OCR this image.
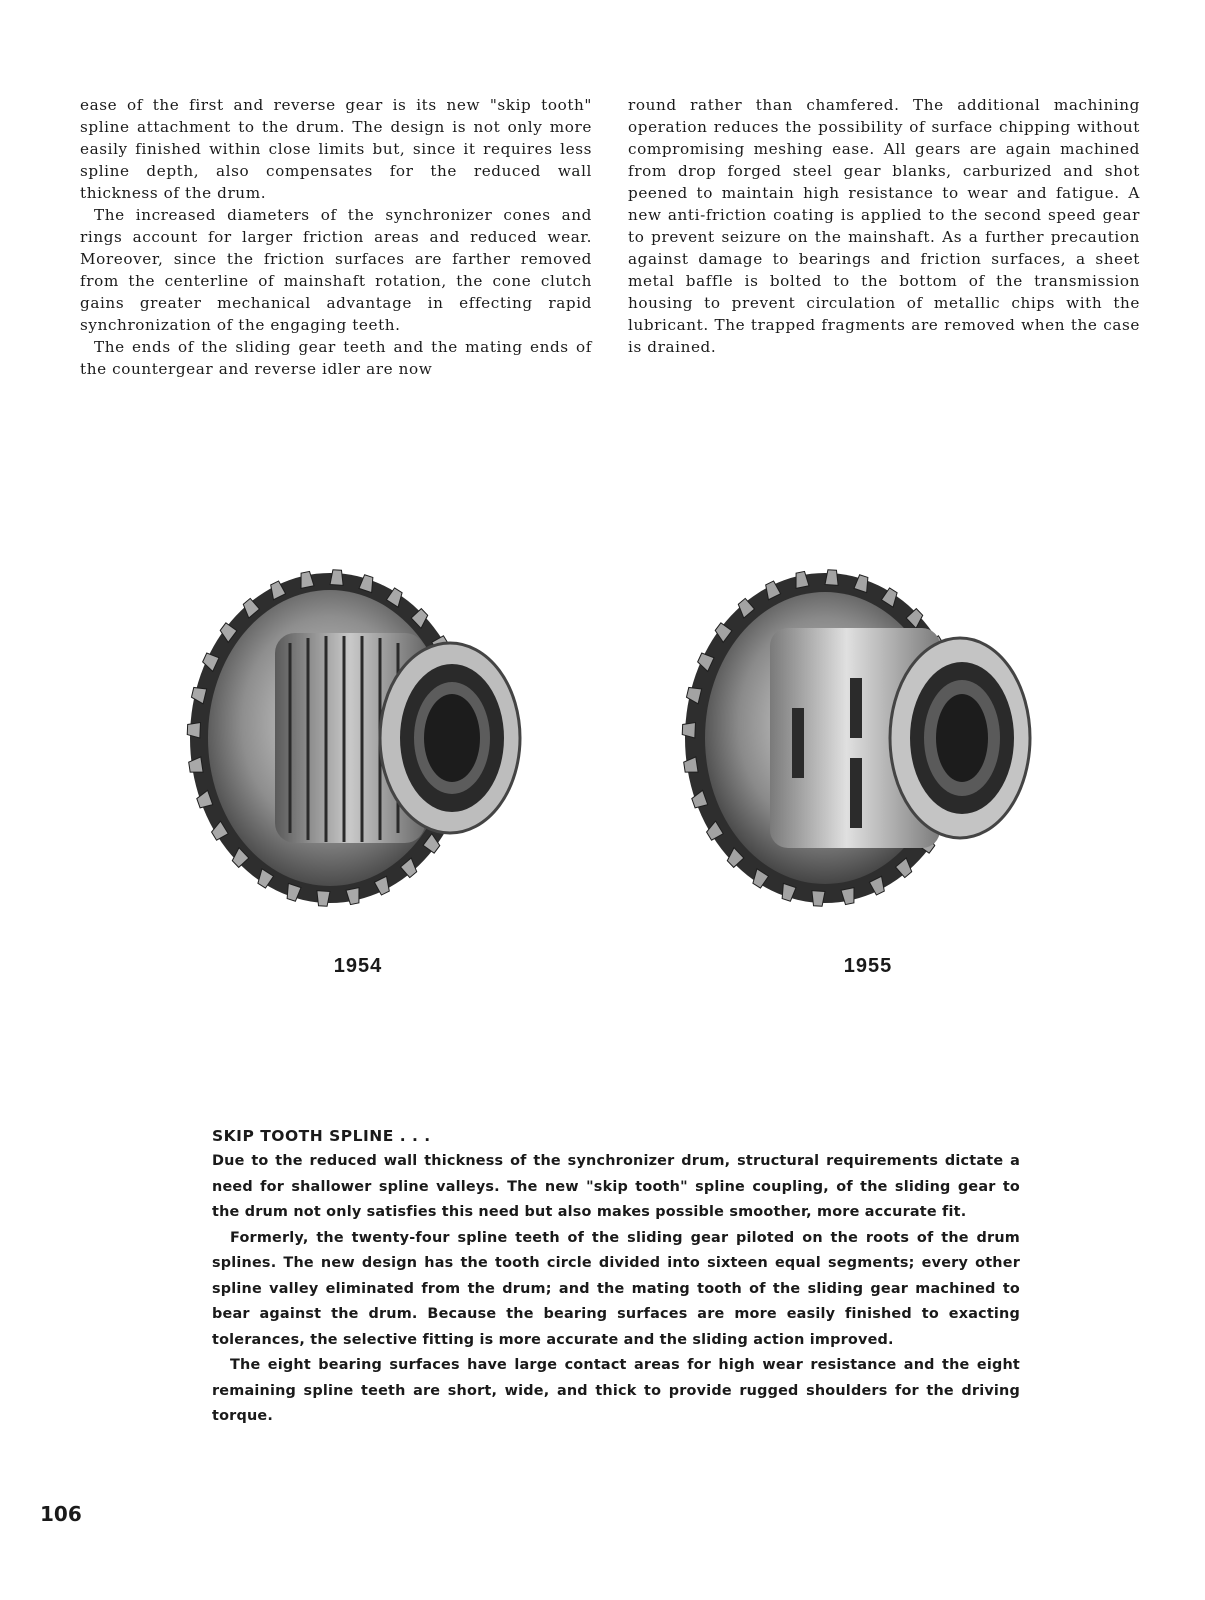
ease of the first and reverse gear is its new "skip tooth" spline attachment to the drum. The design is not only more easily finished within close limits but, since it requires less spline depth, also compensates for the reduced wall thickness of the drum.

The increased diameters of the synchronizer cones and rings account for larger friction areas and reduced wear. Moreover, since the friction surfaces are farther removed from the centerline of mainshaft rotation, the cone clutch gains greater mechanical advantage in effecting rapid synchronization of the engaging teeth.

The ends of the sliding gear teeth and the mating ends of the countergear and reverse idler are now

round rather than chamfered. The additional machining operation reduces the possibility of surface chipping without compromising meshing ease. All gears are again machined from drop forged steel gear blanks, carburized and shot peened to maintain high resistance to wear and fatigue. A new anti-friction coating is applied to the second speed gear to prevent seizure on the mainshaft. As a further precaution against damage to bearings and friction surfaces, a sheet metal baffle is bolted to the bottom of the transmission housing to prevent circulation of metallic chips with the lubricant. The trapped fragments are removed when the case is drained.

1954	1955
SKIP TOOTH SPLINE . . .

Due to the reduced wall thickness of the synchronizer drum, structural requirements dictate a need for shallower spline valleys. The new "skip tooth" spline coupling, of the sliding gear to the drum not only satisfies this need but also makes possible smoother, more accurate fit.

Formerly, the twenty-four spline teeth of the sliding gear piloted on the roots of the drum splines. The new design has the tooth circle divided into sixteen equal segments; every other spline valley eliminated from the drum; and the mating tooth of the sliding gear machined to bear against the drum. Because the bearing surfaces are more easily finished to exacting tolerances, the selective fitting is more accurate and the sliding action improved.

The eight bearing surfaces have large contact areas for high wear resistance and the eight remaining spline teeth are short, wide, and thick to provide rugged shoulders for the driving torque.

106
